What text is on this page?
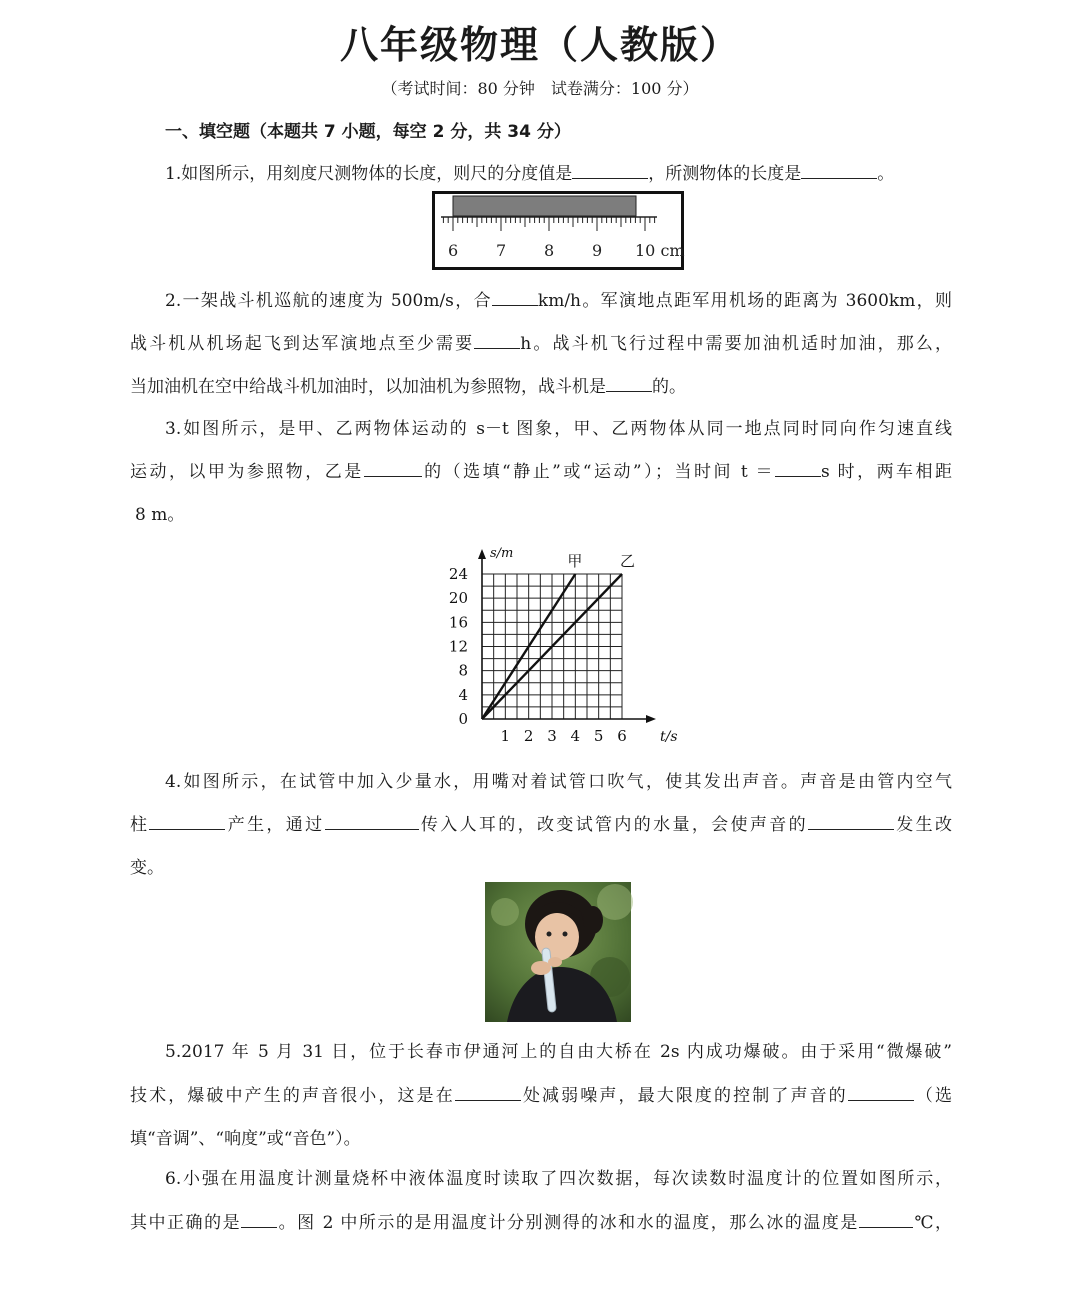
八年级物理（人教版）
（考试时间：80 分钟　试卷满分：100 分）
一、填空题（本题共 7 小题，每空 2 分，共 34 分）
1.如图所示，用刻度尺测物体的长度，则尺的分度值是	，所测物体的长度是	。
6 7 8 9 10 cm
2.一架战斗机巡航的速度为 500m/s，合	km/h。军演地点距军用机场的距离为 3600km，则
战斗机从机场起飞到达军演地点至少需要	h。战斗机飞行过程中需要加油机适时加油，那么，
当加油机在空中给战斗机加油时，以加油机为参照物，战斗机是	的。
3.如图所示，是甲、乙两物体运动的 s－t 图象，甲、乙两物体从同一地点同时同向作匀速直线
运动，以甲为参照物，乙是	的（选填“静止”或“运动”）；当时间 t ＝	s 时，两车相距
8 m。
1 2 3 4 5 6
0
4
8
12
16
20
24
t/s
s/m	甲	乙
4.如图所示，在试管中加入少量水，用嘴对着试管口吹气，使其发出声音。声音是由管内空气
柱	产生，通过	传入人耳的，改变试管内的水量，会使声音的	发生改
变。
5.2017 年 5 月 31 日，位于长春市伊通河上的自由大桥在 2s 内成功爆破。由于采用“微爆破”
技术，爆破中产生的声音很小，这是在	处减弱噪声，最大限度的控制了声音的	（选
填“音调”、“响度”或“音色”）。
6.小强在用温度计测量烧杯中液体温度时读取了四次数据，每次读数时温度计的位置如图所示，
其中正确的是 。图 2 中所示的是用温度计分别测得的冰和水的温度，那么冰的温度是	℃，
